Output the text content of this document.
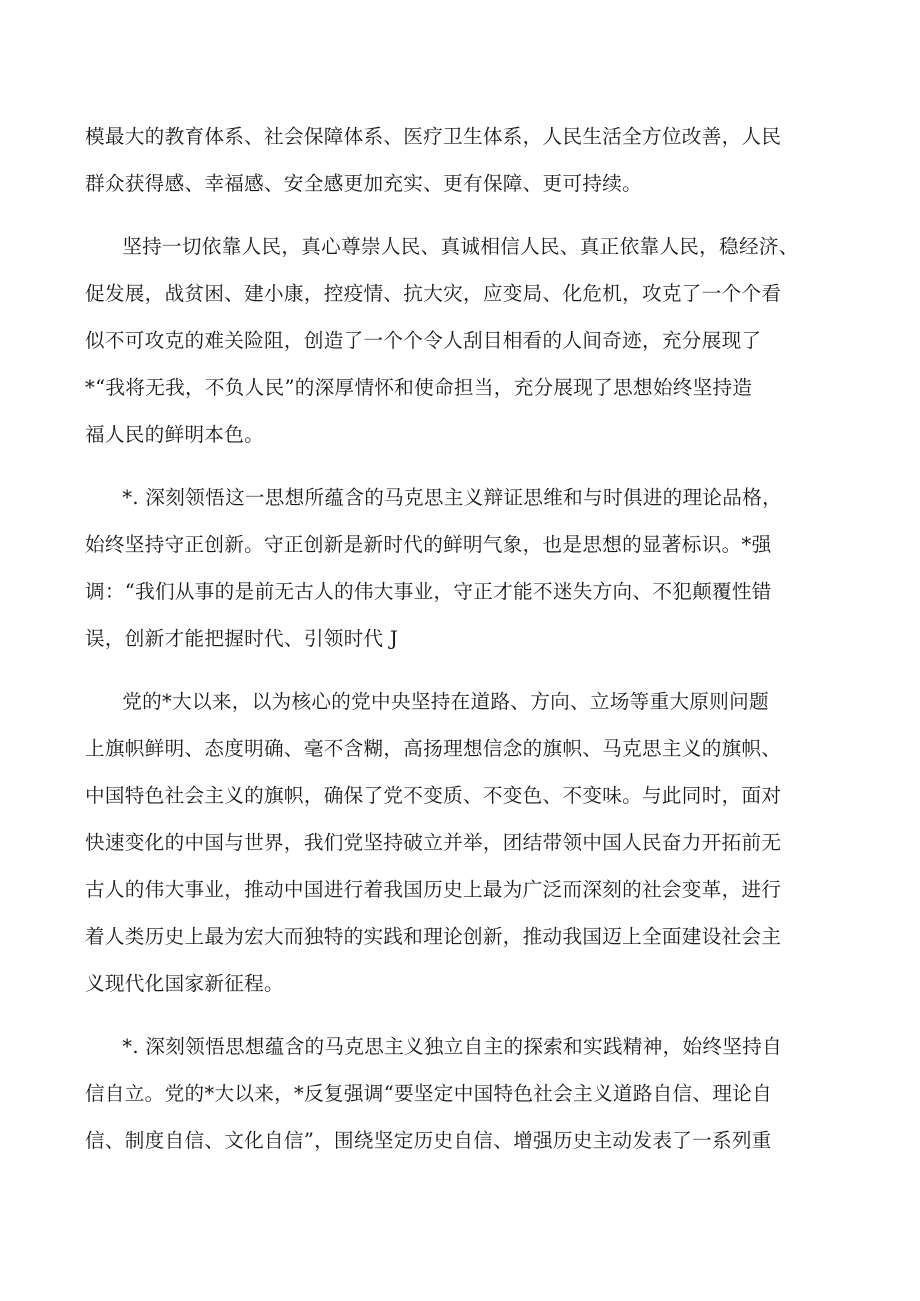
模最大的教育体系、社会保障体系、医疗卫生体系，人民生活全方位改善，人民
群众获得感、幸福感、安全感更加充实、更有保障、更可持续。

坚持一切依靠人民，真心尊崇人民、真诚相信人民、真正依靠人民，稳经济、
促发展，战贫困、建小康，控疫情、抗大灾，应变局、化危机，攻克了一个个看
似不可攻克的难关险阻，创造了一个个令人刮目相看的人间奇迹，充分展现了
*“我将无我，不负人民”的深厚情怀和使命担当，充分展现了思想始终坚持造
福人民的鲜明本色。

*. 深刻领悟这一思想所蕴含的马克思主义辩证思维和与时俱进的理论品格，
始终坚持守正创新。守正创新是新时代的鲜明气象，也是思想的显著标识。*强
调：“我们从事的是前无古人的伟大事业，守正才能不迷失方向、不犯颠覆性错
误，创新才能把握时代、引领时代 J

党的*大以来，以为核心的党中央坚持在道路、方向、立场等重大原则问题
上旗帜鲜明、态度明确、毫不含糊，高扬理想信念的旗帜、马克思主义的旗帜、
中国特色社会主义的旗帜，确保了党不变质、不变色、不变味。与此同时，面对
快速变化的中国与世界，我们党坚持破立并举，团结带领中国人民奋力开拓前无
古人的伟大事业，推动中国进行着我国历史上最为广泛而深刻的社会变革，进行
着人类历史上最为宏大而独特的实践和理论创新，推动我国迈上全面建设社会主
义现代化国家新征程。

*. 深刻领悟思想蕴含的马克思主义独立自主的探索和实践精神，始终坚持自
信自立。党的*大以来，*反复强调“要坚定中国特色社会主义道路自信、理论自
信、制度自信、文化自信”，围绕坚定历史自信、增强历史主动发表了一系列重
